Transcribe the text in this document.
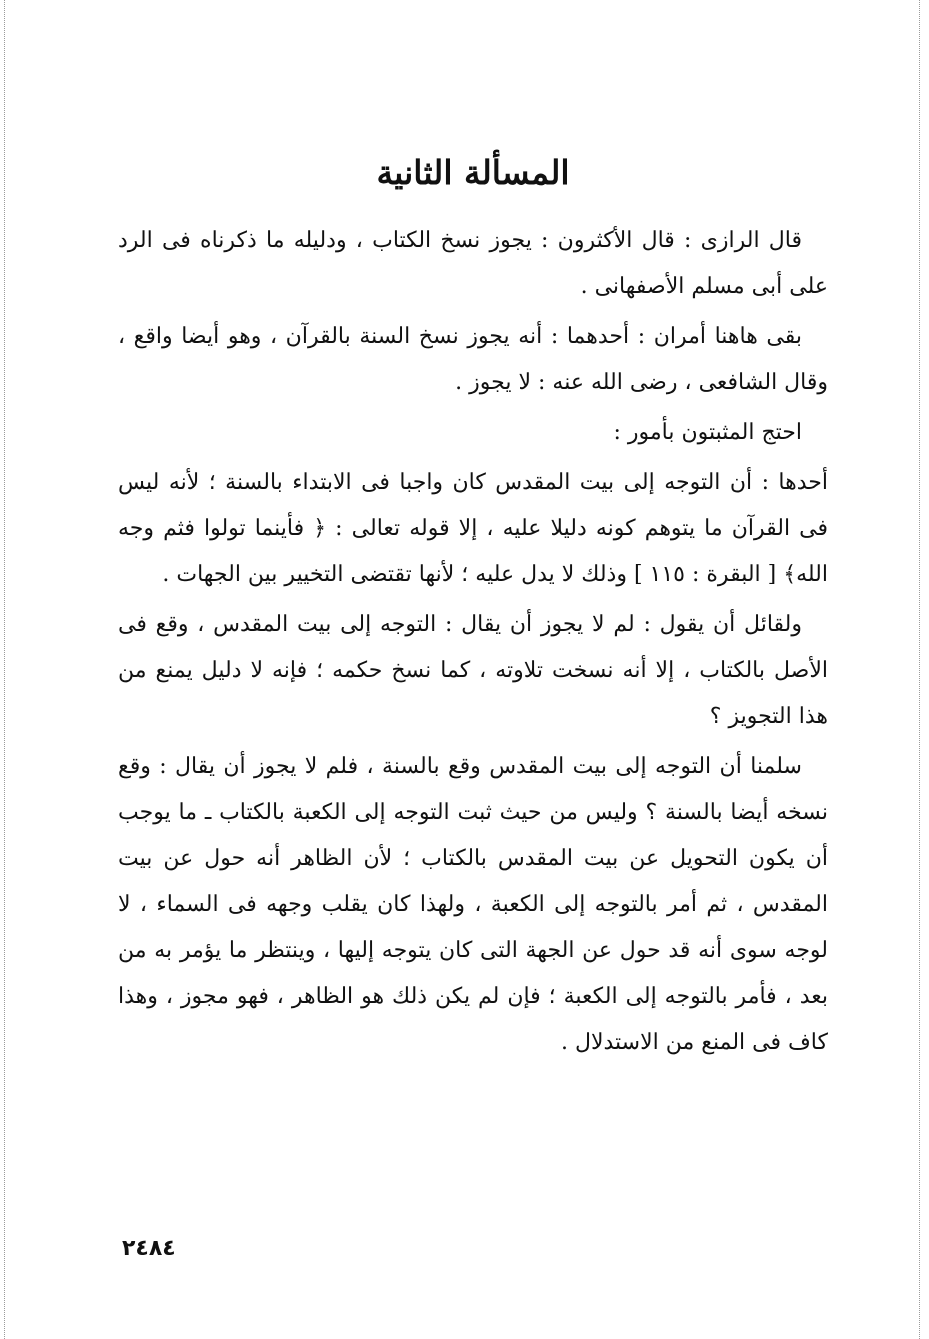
المسألة الثانية

قال الرازى : قال الأكثرون : يجوز نسخ الكتاب ، ودليله ما ذكرناه فى الرد على أبى مسلم الأصفهانى .

بقى هاهنا أمران : أحدهما : أنه يجوز نسخ السنة بالقرآن ، وهو أيضا واقع ، وقال الشافعى ، رضى الله عنه : لا يجوز .

احتج المثبتون بأمور :

أحدها : أن التوجه إلى بيت المقدس كان واجبا فى الابتداء بالسنة ؛ لأنه ليس فى القرآن ما يتوهم كونه دليلا عليه ، إلا قوله تعالى : ﴿ فأينما تولوا فثم وجه الله﴾ [ البقرة : ١١٥ ] وذلك لا يدل عليه ؛ لأنها تقتضى التخيير بين الجهات .

ولقائل أن يقول : لم لا يجوز أن يقال : التوجه إلى بيت المقدس ، وقع فى الأصل بالكتاب ، إلا أنه نسخت تلاوته ، كما نسخ حكمه ؛ فإنه لا دليل يمنع من هذا التجويز ؟

سلمنا أن التوجه إلى بيت المقدس وقع بالسنة ، فلم لا يجوز أن يقال : وقع نسخه أيضا بالسنة ؟ وليس من حيث ثبت التوجه إلى الكعبة بالكتاب ـ ما يوجب أن يكون التحويل عن بيت المقدس بالكتاب ؛ لأن الظاهر أنه حول عن بيت المقدس ، ثم أمر بالتوجه إلى الكعبة ، ولهذا كان يقلب وجهه فى السماء ، لا لوجه سوى أنه قد حول عن الجهة التى كان يتوجه إليها ، وينتظر ما يؤمر به من بعد ، فأمر بالتوجه إلى الكعبة ؛ فإن لم يكن ذلك هو الظاهر ، فهو مجوز ، وهذا كاف فى المنع من الاستدلال .

٢٤٨٤
